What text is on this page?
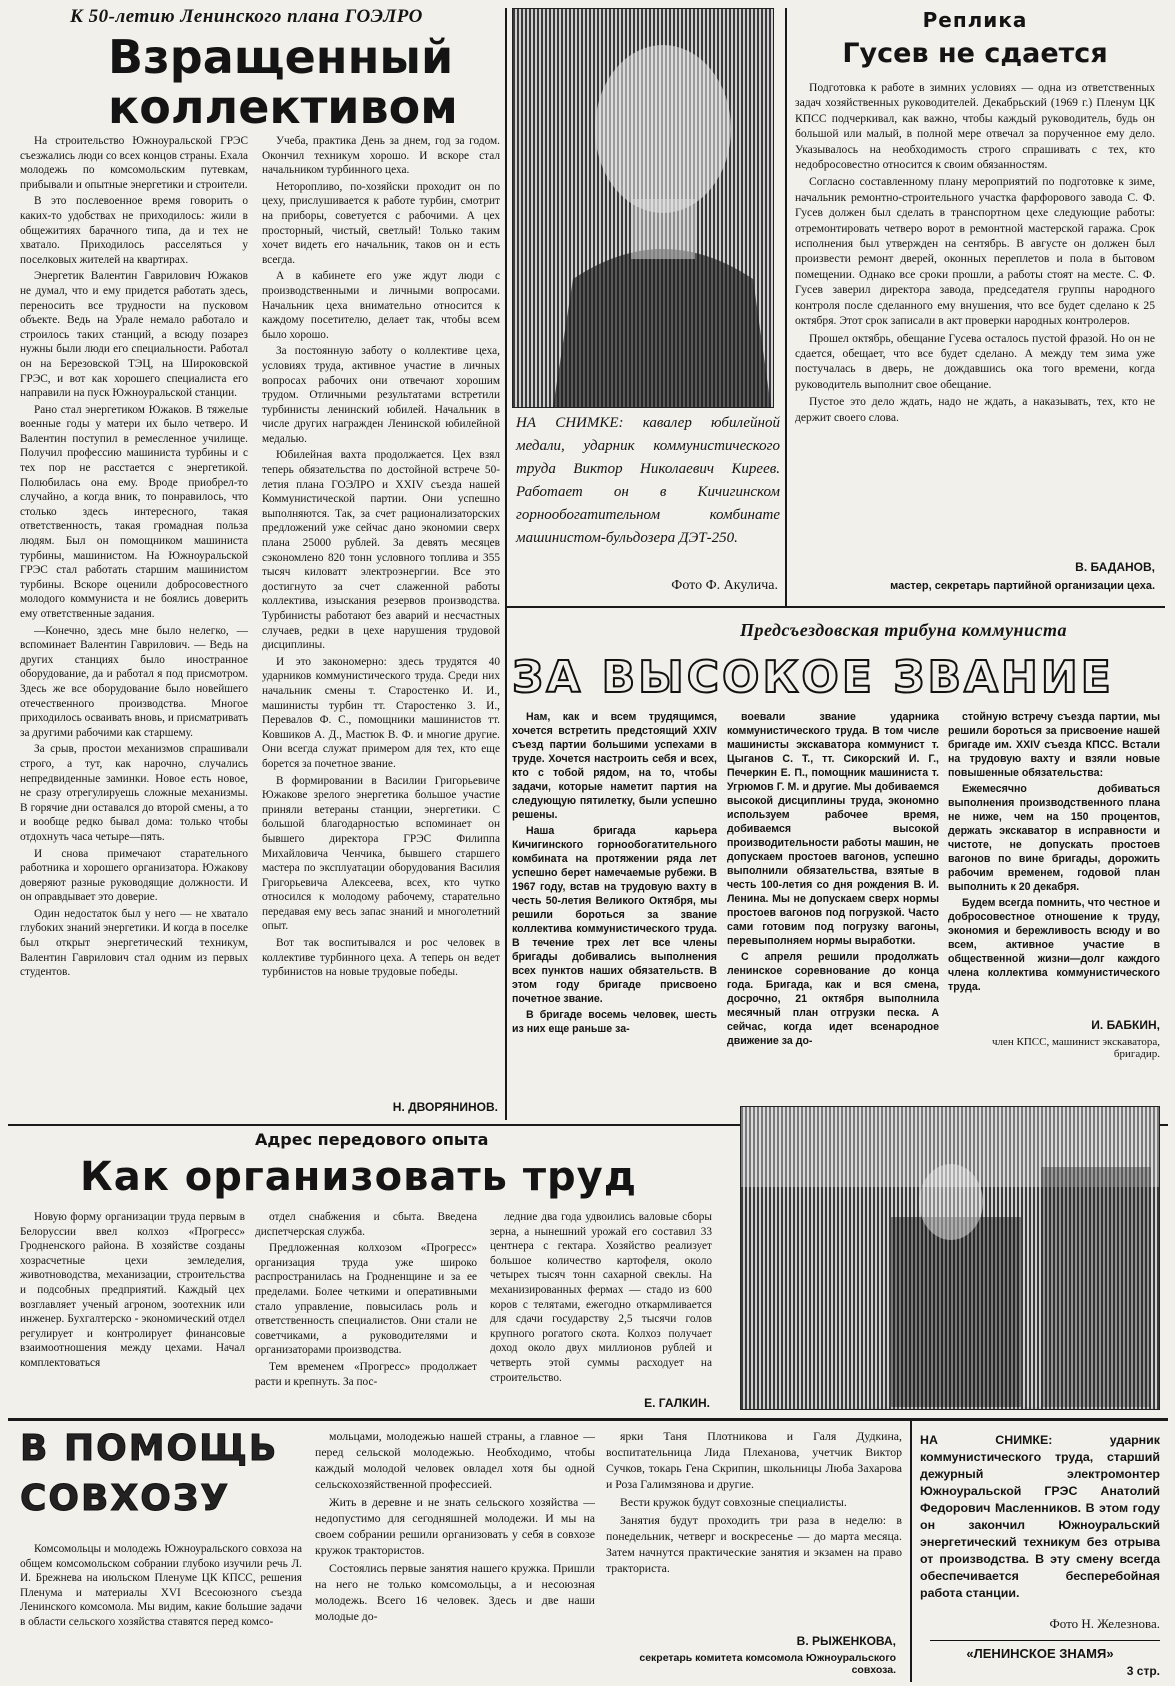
К 50-летию Ленинского плана ГОЭЛРО
Взращенный
коллективом

На строительство Южноуральской ГРЭС съезжались люди со всех концов страны. Ехала молодежь по комсомольским путевкам, прибывали и опытные энергетики и строители.

В это послевоенное время говорить о каких-то удобствах не приходилось: жили в общежитиях барачного типа, да и тех не хватало. Приходилось расселяться у поселковых жителей на квартирах.

Энергетик Валентин Гаврилович Южаков не думал, что и ему придется работать здесь, переносить все трудности на пусковом объекте. Ведь на Урале немало работало и строилось таких станций, а всюду позарез нужны были люди его специальности. Работал он на Березовской ТЭЦ, на Широковской ГРЭС, и вот как хорошего специалиста его направили на пуск Южноуральской станции.

Рано стал энергетиком Южаков. В тяжелые военные годы у матери их было четверо. И Валентин поступил в ремесленное училище. Получил профессию машиниста турбины и с тех пор не расстается с энергетикой. Полюбилась она ему. Вроде приобрел-то случайно, а когда вник, то понравилось, что столько здесь интересного, такая ответственность, такая громадная польза людям. Был он помощником машиниста турбины, машинистом. На Южноуральской ГРЭС стал работать старшим машинистом турбины. Вскоре оценили добросовестного молодого коммуниста и не боялись доверить ему ответственные задания.

—Конечно, здесь мне было нелегко, — вспоминает Валентин Гаврилович. — Ведь на других станциях было иностранное оборудование, да и работал я под присмотром. Здесь же все оборудование было новейшего отечественного производства. Многое приходилось осваивать вновь, и присматривать за другими рабочими как старшему.

За срыв, простои механизмов спрашивали строго, а тут, как нарочно, случались непредвиденные заминки. Новое есть новое, не сразу отрегулируешь сложные механизмы. В горячие дни оставался до второй смены, а то и вообще редко бывал дома: только чтобы отдохнуть часа четыре—пять.

И снова примечают старательного работника и хорошего организатора. Южакову доверяют разные руководящие должности. И он оправдывает это доверие.

Один недостаток был у него — не хватало глубоких знаний энергетики. И когда в поселке был открыт энергетический техникум, Валентин Гаврилович стал одним из первых студентов.

Учеба, практика День за днем, год за годом. Окончил техникум хорошо. И вскоре стал начальником турбинного цеха.

Неторопливо, по-хозяйски проходит он по цеху, прислушивается к работе турбин, смотрит на приборы, советуется с рабочими. А цех просторный, чистый, светлый! Только таким хочет видеть его начальник, таков он и есть всегда.

А в кабинете его уже ждут люди с производственными и личными вопросами. Начальник цеха внимательно относится к каждому посетителю, делает так, чтобы всем было хорошо.

За постоянную заботу о коллективе цеха, условиях труда, активное участие в личных вопросах рабочих они отвечают хорошим трудом. Отличными результатами встретили турбинисты ленинский юбилей. Начальник в числе других награжден Ленинской юбилейной медалью.

Юбилейная вахта продолжается. Цех взял теперь обязательства по достойной встрече 50-летия плана ГОЭЛРО и XXIV съезда нашей Коммунистической партии. Они успешно выполняются. Так, за счет рационализаторских предложений уже сейчас дано экономии сверх плана 25000 рублей. За девять месяцев сэкономлено 820 тонн условного топлива и 355 тысяч киловатт электроэнергии. Все это достигнуто за счет слаженной работы коллектива, изыскания резервов производства. Турбинисты работают без аварий и несчастных случаев, редки в цехе нарушения трудовой дисциплины.

И это закономерно: здесь трудятся 40 ударников коммунистического труда. Среди них начальник смены т. Старостенко И. И., машинисты турбин тт. Старостенко З. И., Перевалов Ф. С., помощники машинистов тт. Ковшиков А. Д., Мастюк В. Ф. и многие другие. Они всегда служат примером для тех, кто еще борется за почетное звание.

В формировании в Василии Григорьевиче Южакове зрелого энергетика большое участие приняли ветераны станции, энергетики. С большой благодарностью вспоминает он бывшего директора ГРЭС Филиппа Михайловича Ченчика, бывшего старшего мастера по эксплуатации оборудования Василия Григорьевича Алексеева, всех, кто чутко относился к молодому рабочему, старательно передавая ему весь запас знаний и многолетний опыт.

Вот так воспитывался и рос человек в коллективе турбинного цеха. А теперь он ведет турбинистов на новые трудовые победы.

Н. ДВОРЯНИНОВ.
НА СНИМКЕ: кавалер юбилейной медали, ударник коммунистического труда Виктор Николаевич Киреев. Работает он в Кичигинском горнообогатительном комбинате машинистом-бульдозера ДЭТ-250.
Фото Ф. Акулича.
Реплика
Гусев не сдается

Подготовка к работе в зимних условиях — одна из ответственных задач хозяйственных руководителей. Декабрьский (1969 г.) Пленум ЦК КПСС подчеркивал, как важно, чтобы каждый руководитель, будь он большой или малый, в полной мере отвечал за порученное ему дело. Указывалось на необходимость строго спрашивать с тех, кто недобросовестно относится к своим обязанностям.

Согласно составленному плану мероприятий по подготовке к зиме, начальник ремонтно-строительного участка фарфорового завода С. Ф. Гусев должен был сделать в транспортном цехе следующие работы: отремонтировать четверо ворот в ремонтной мастерской гаража. Срок исполнения был утвержден на сентябрь. В августе он должен был произвести ремонт дверей, оконных переплетов и пола в бытовом помещении. Однако все сроки прошли, а работы стоят на месте. С. Ф. Гусев заверил директора завода, председателя группы народного контроля после сделанного ему внушения, что все будет сделано к 25 октября. Этот срок записали в акт проверки народных контролеров.

Прошел октябрь, обещание Гусева осталось пустой фразой. Но он не сдается, обещает, что все будет сделано. А между тем зима уже постучалась в дверь, не дождавшись ока того времени, когда руководитель выполнит свое обещание.

Пустое это дело ждать, надо не ждать, а наказывать, тех, кто не держит своего слова.

В. БАДАНОВ,
мастер, секретарь партийной организации цеха.
Предсъездовская трибуна коммуниста
ЗА ВЫСОКОЕ ЗВАНИЕ

Нам, как и всем трудящимся, хочется встретить предстоящий XXIV съезд партии большими успехами в труде. Хочется настроить себя и всех, кто с тобой рядом, на то, чтобы задачи, которые наметит партия на следующую пятилетку, были успешно решены.

Наша бригада карьера Кичигинского горнообогатительного комбината на протяжении ряда лет успешно берет намечаемые рубежи. В 1967 году, встав на трудовую вахту в честь 50-летия Великого Октября, мы решили бороться за звание коллектива коммунистического труда. В течение трех лет все члены бригады добивались выполнения всех пунктов наших обязательств. В этом году бригаде присвоено почетное звание.

В бригаде восемь человек, шесть из них еще раньше за-

воевали звание ударника коммунистического труда. В том числе машинисты экскаватора коммунист т. Цыганов С. Т., тт. Сикорский И. Г., Печеркин Е. П., помощник машиниста т. Угрюмов Г. М. и другие. Мы добиваемся высокой дисциплины труда, экономно используем рабочее время, добиваемся высокой производительности работы машин, не допускаем простоев вагонов, успешно выполнили обязательства, взятые в честь 100-летия со дня рождения В. И. Ленина. Мы не допускаем сверх нормы простоев вагонов под погрузкой. Часто сами готовим под погрузку вагоны, перевыполняем нормы выработки.

С апреля решили продолжать ленинское соревнование до конца года. Бригада, как и вся смена, досрочно, 21 октября выполнила месячный план отгрузки песка. А сейчас, когда идет всенародное движение за до-

стойную встречу съезда партии, мы решили бороться за присвоение нашей бригаде им. XXIV съезда КПСС. Встали на трудовую вахту и взяли новые повышенные обязательства:

Ежемесячно добиваться выполнения производственного плана не ниже, чем на 150 процентов, держать экскаватор в исправности и чистоте, не допускать простоев вагонов по вине бригады, дорожить рабочим временем, годовой план выполнить к 20 декабря.

Будем всегда помнить, что честное и добросовестное отношение к труду, экономия и бережливость всюду и во всем, активное участие в общественной жизни—долг каждого члена коллектива коммунистического труда.

И. БАБКИН,
член КПСС, машинист экскаватора, бригадир.
Адрес передового опыта
Как организовать труд

Новую форму организации труда первым в Белоруссии ввел колхоз «Прогресс» Гродненского района. В хозяйстве созданы хозрасчетные цехи земледелия, животноводства, механизации, строительства и подсобных предприятий. Каждый цех возглавляет ученый агроном, зоотехник или инженер. Бухгалтерско - экономический отдел регулирует и контролирует финансовые взаимоотношения между цехами. Начал комплектоваться

отдел снабжения и сбыта. Введена диспетчерская служба.

Предложенная колхозом «Прогресс» организация труда уже широко распространилась на Гродненщине и за ее пределами. Более четкими и оперативными стало управление, повысилась роль и ответственность специалистов. Они стали не советчиками, а руководителями и организаторами производства.

Тем временем «Прогресс» продолжает расти и крепнуть. За пос-

ледние два года удвоились валовые сборы зерна, а нынешний урожай его составил 33 центнера с гектара. Хозяйство реализует большое количество картофеля, около четырех тысяч тонн сахарной свеклы. На механизированных фермах — стадо из 600 коров с телятами, ежегодно откармливается для сдачи государству 2,5 тысячи голов крупного рогатого скота. Колхоз получает доход около двух миллионов рублей и четверть этой суммы расходует на строительство.

Е. ГАЛКИН.
В ПОМОЩЬ
СОВХОЗУ

Комсомольцы и молодежь Южноуральского совхоза на общем комсомольском собрании глубоко изучили речь Л. И. Брежнева на июльском Пленуме ЦК КПСС, решения Пленума и материалы XVI Всесоюзного съезда Ленинского комсомола. Мы видим, какие большие задачи в области сельского хозяйства ставятся перед комсо-

мольцами, молодежью нашей страны, а главное — перед сельской молодежью. Необходимо, чтобы каждый молодой человек овладел хотя бы одной сельскохозяйственной профессией.

Жить в деревне и не знать сельского хозяйства — недопустимо для сегодняшней молодежи. И мы на своем собрании решили организовать у себя в совхозе кружок трактористов.

Состоялись первые занятия нашего кружка. Пришли на него не только комсомольцы, а и несоюзная молодежь. Всего 16 человек. Здесь и две наши молодые до-

ярки Таня Плотникова и Галя Дудкина, воспитательница Лида Плеханова, учетчик Виктор Сучков, токарь Гена Скрипин, школьницы Люба Захарова и Роза Галимзянова и другие.

Вести кружок будут совхозные специалисты.

Занятия будут проходить три раза в неделю: в понедельник, четверг и воскресенье — до марта месяца. Затем начнутся практические занятия и экзамен на право тракториста.

В. РЫЖЕНКОВА,
секретарь комитета комсомола Южноуральского совхоза.
НА СНИМКЕ: ударник коммунистического труда, старший дежурный электромонтер Южноуральской ГРЭС Анатолий Федорович Масленников. В этом году он закончил Южноуральский энергетический техникум без отрыва от производства. В эту смену всегда обеспечивается бесперебойная работа станции.
Фото Н. Железнова.
«ЛЕНИНСКОЕ ЗНАМЯ»
3 стр.
